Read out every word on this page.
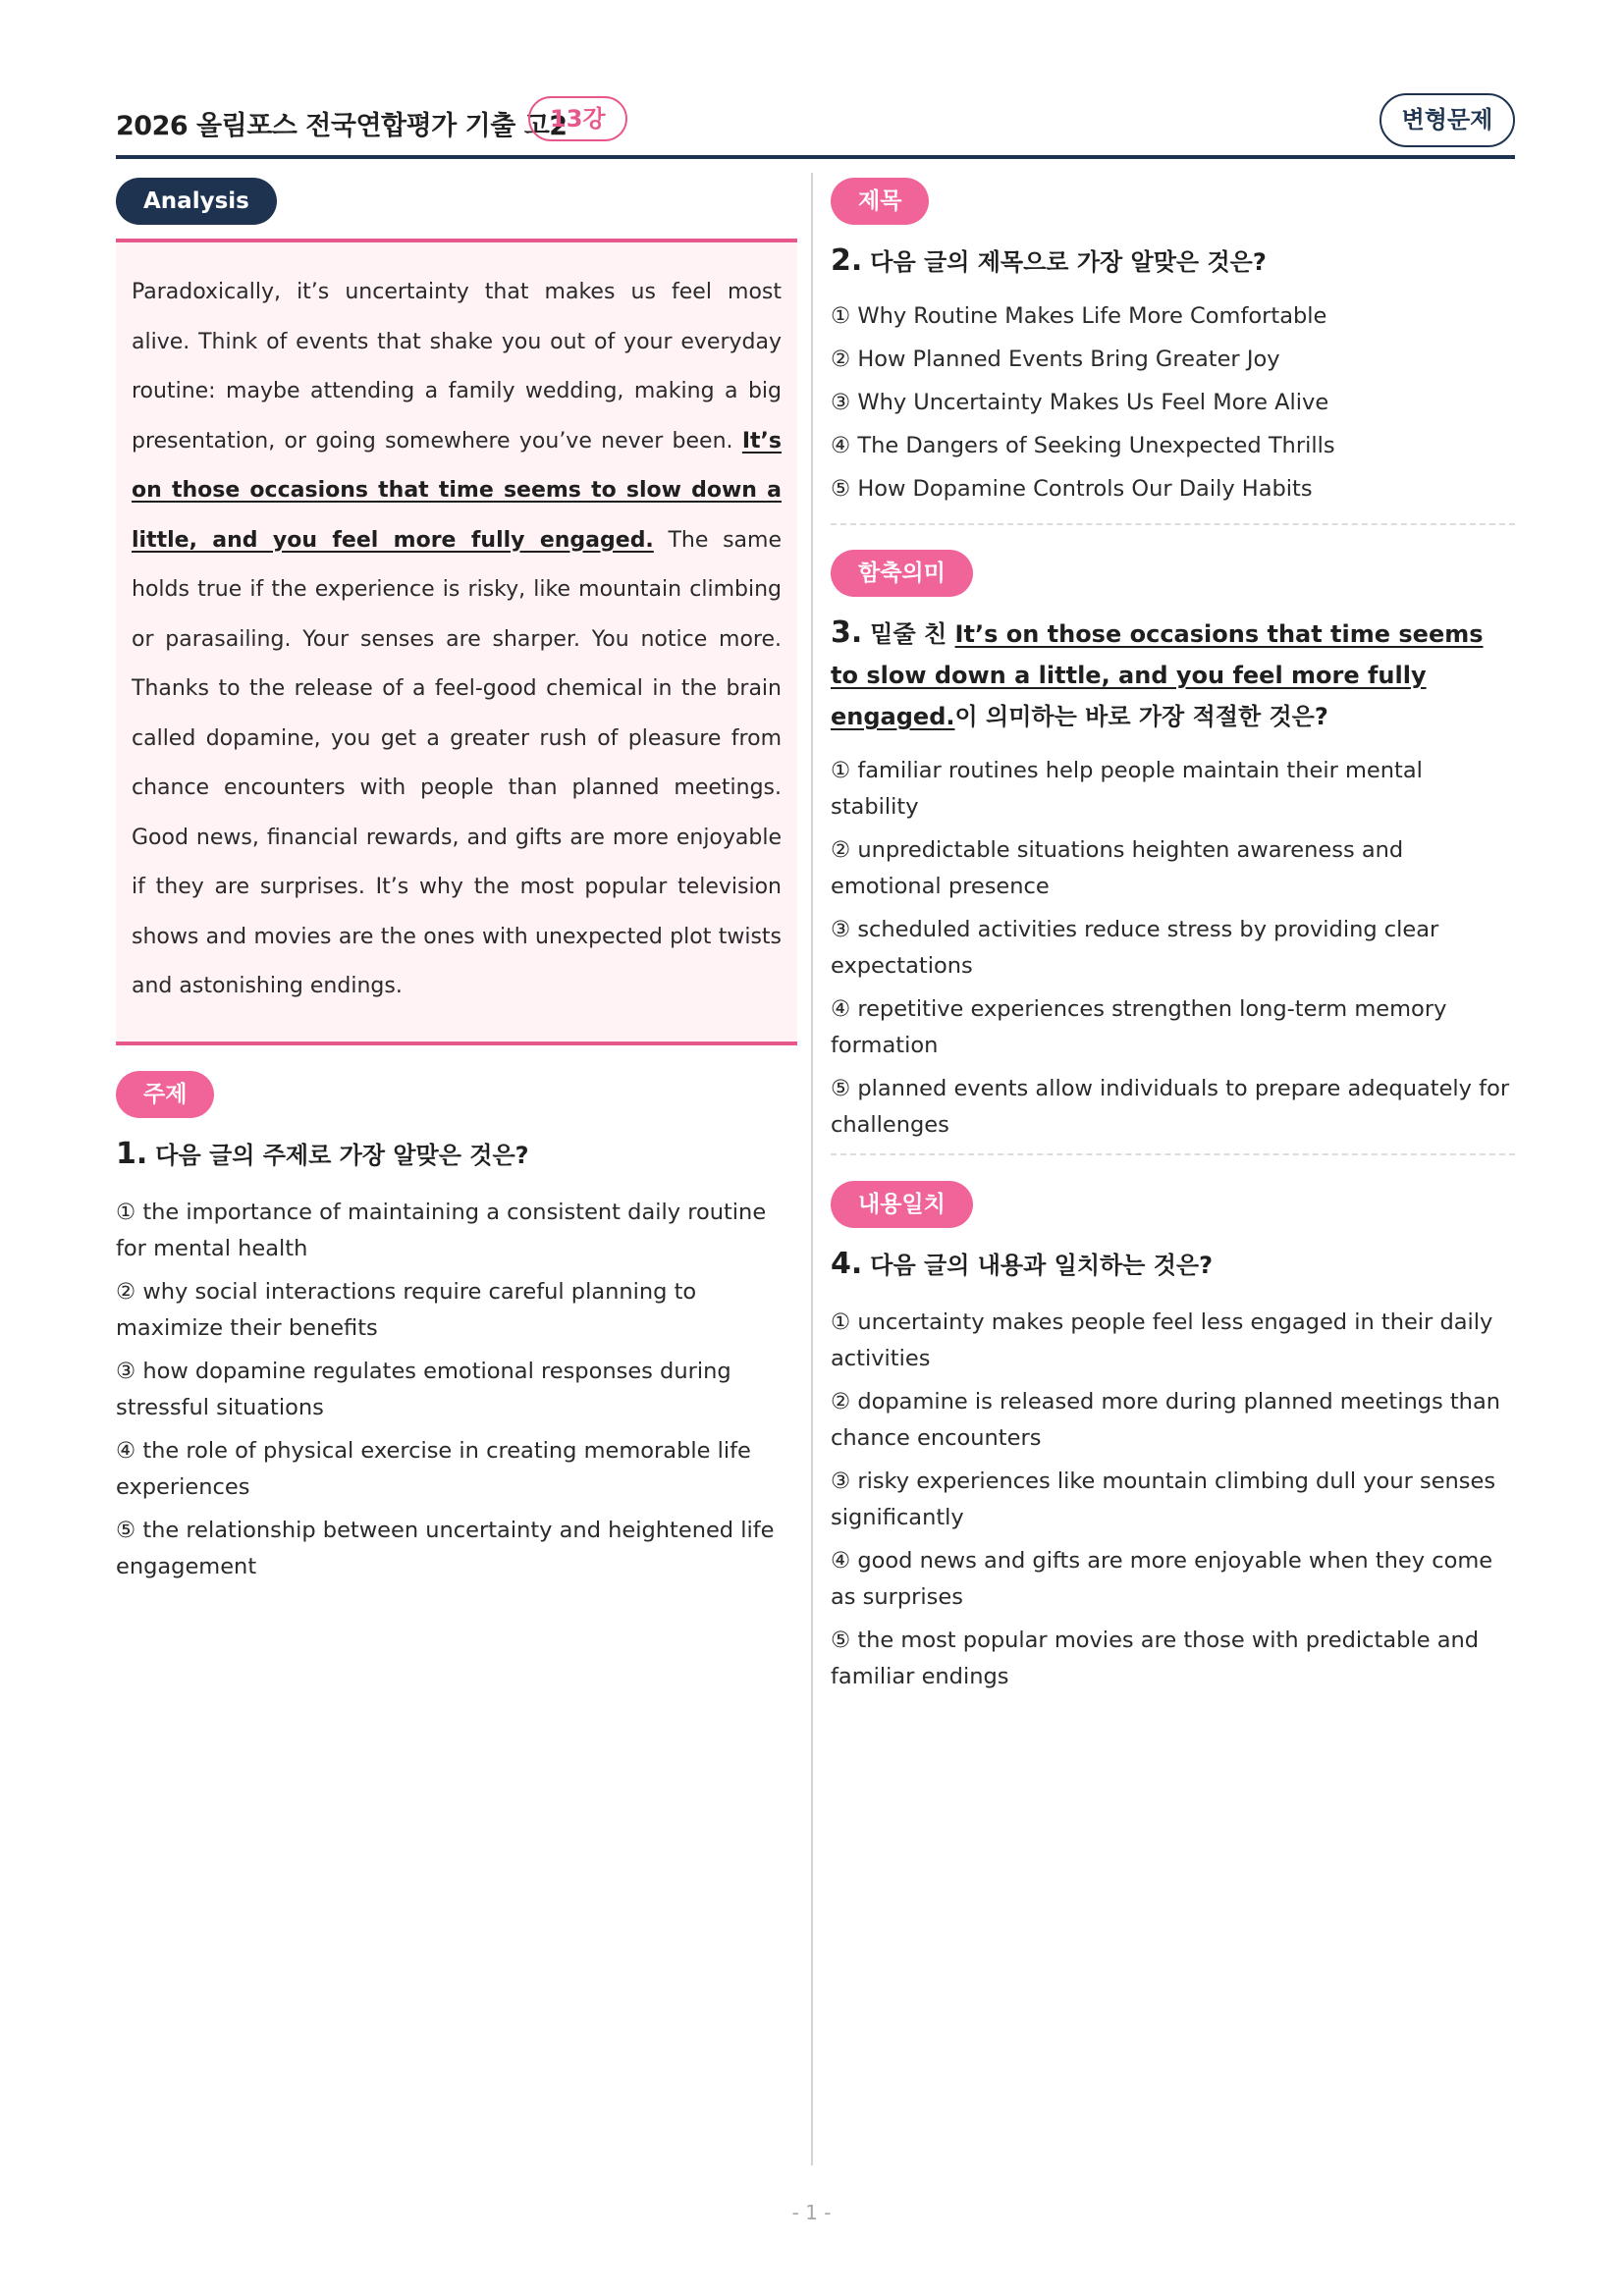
2026 올림포스 전국연합평가 기출 고2
13강	변형문제
Analysis

Paradoxically, it’s uncertainty that makes us feel most alive. Think of events that shake you out of your everyday routine: maybe attending a family wedding, making a big presentation, or going somewhere you’ve never been. It’s on those occasions that time seems to slow down a little, and you feel more fully engaged. The same holds true if the experience is risky, like mountain climbing or parasailing. Your senses are sharper. You notice more. Thanks to the release of a feel-good chemical in the brain called dopamine, you get a greater rush of pleasure from chance encounters with people than planned meetings. Good news, financial rewards, and gifts are more enjoyable if they are surprises. It’s why the most popular television shows and movies are the ones with unexpected plot twists and astonishing endings.

주제
1. 다음 글의 주제로 가장 알맞은 것은?
① the importance of maintaining a consistent daily routine for mental health
② why social interactions require careful planning to maximize their benefits
③ how dopamine regulates emotional responses during stressful situations
④ the role of physical exercise in creating memorable life experiences
⑤ the relationship between uncertainty and heightened life engagement
제목
2. 다음 글의 제목으로 가장 알맞은 것은?
① Why Routine Makes Life More Comfortable
② How Planned Events Bring Greater Joy
③ Why Uncertainty Makes Us Feel More Alive
④ The Dangers of Seeking Unexpected Thrills
⑤ How Dopamine Controls Our Daily Habits
함축의미
3. 밑줄 친 It’s on those occasions that time seems to slow down a little, and you feel more fully engaged.이 의미하는 바로 가장 적절한 것은?
① familiar routines help people maintain their mental stability
② unpredictable situations heighten awareness and emotional presence
③ scheduled activities reduce stress by providing clear expectations
④ repetitive experiences strengthen long-term memory formation
⑤ planned events allow individuals to prepare adequately for challenges
내용일치
4. 다음 글의 내용과 일치하는 것은?
① uncertainty makes people feel less engaged in their daily activities
② dopamine is released more during planned meetings than chance encounters
③ risky experiences like mountain climbing dull your senses significantly
④ good news and gifts are more enjoyable when they come as surprises
⑤ the most popular movies are those with predictable and familiar endings
- 1 -
